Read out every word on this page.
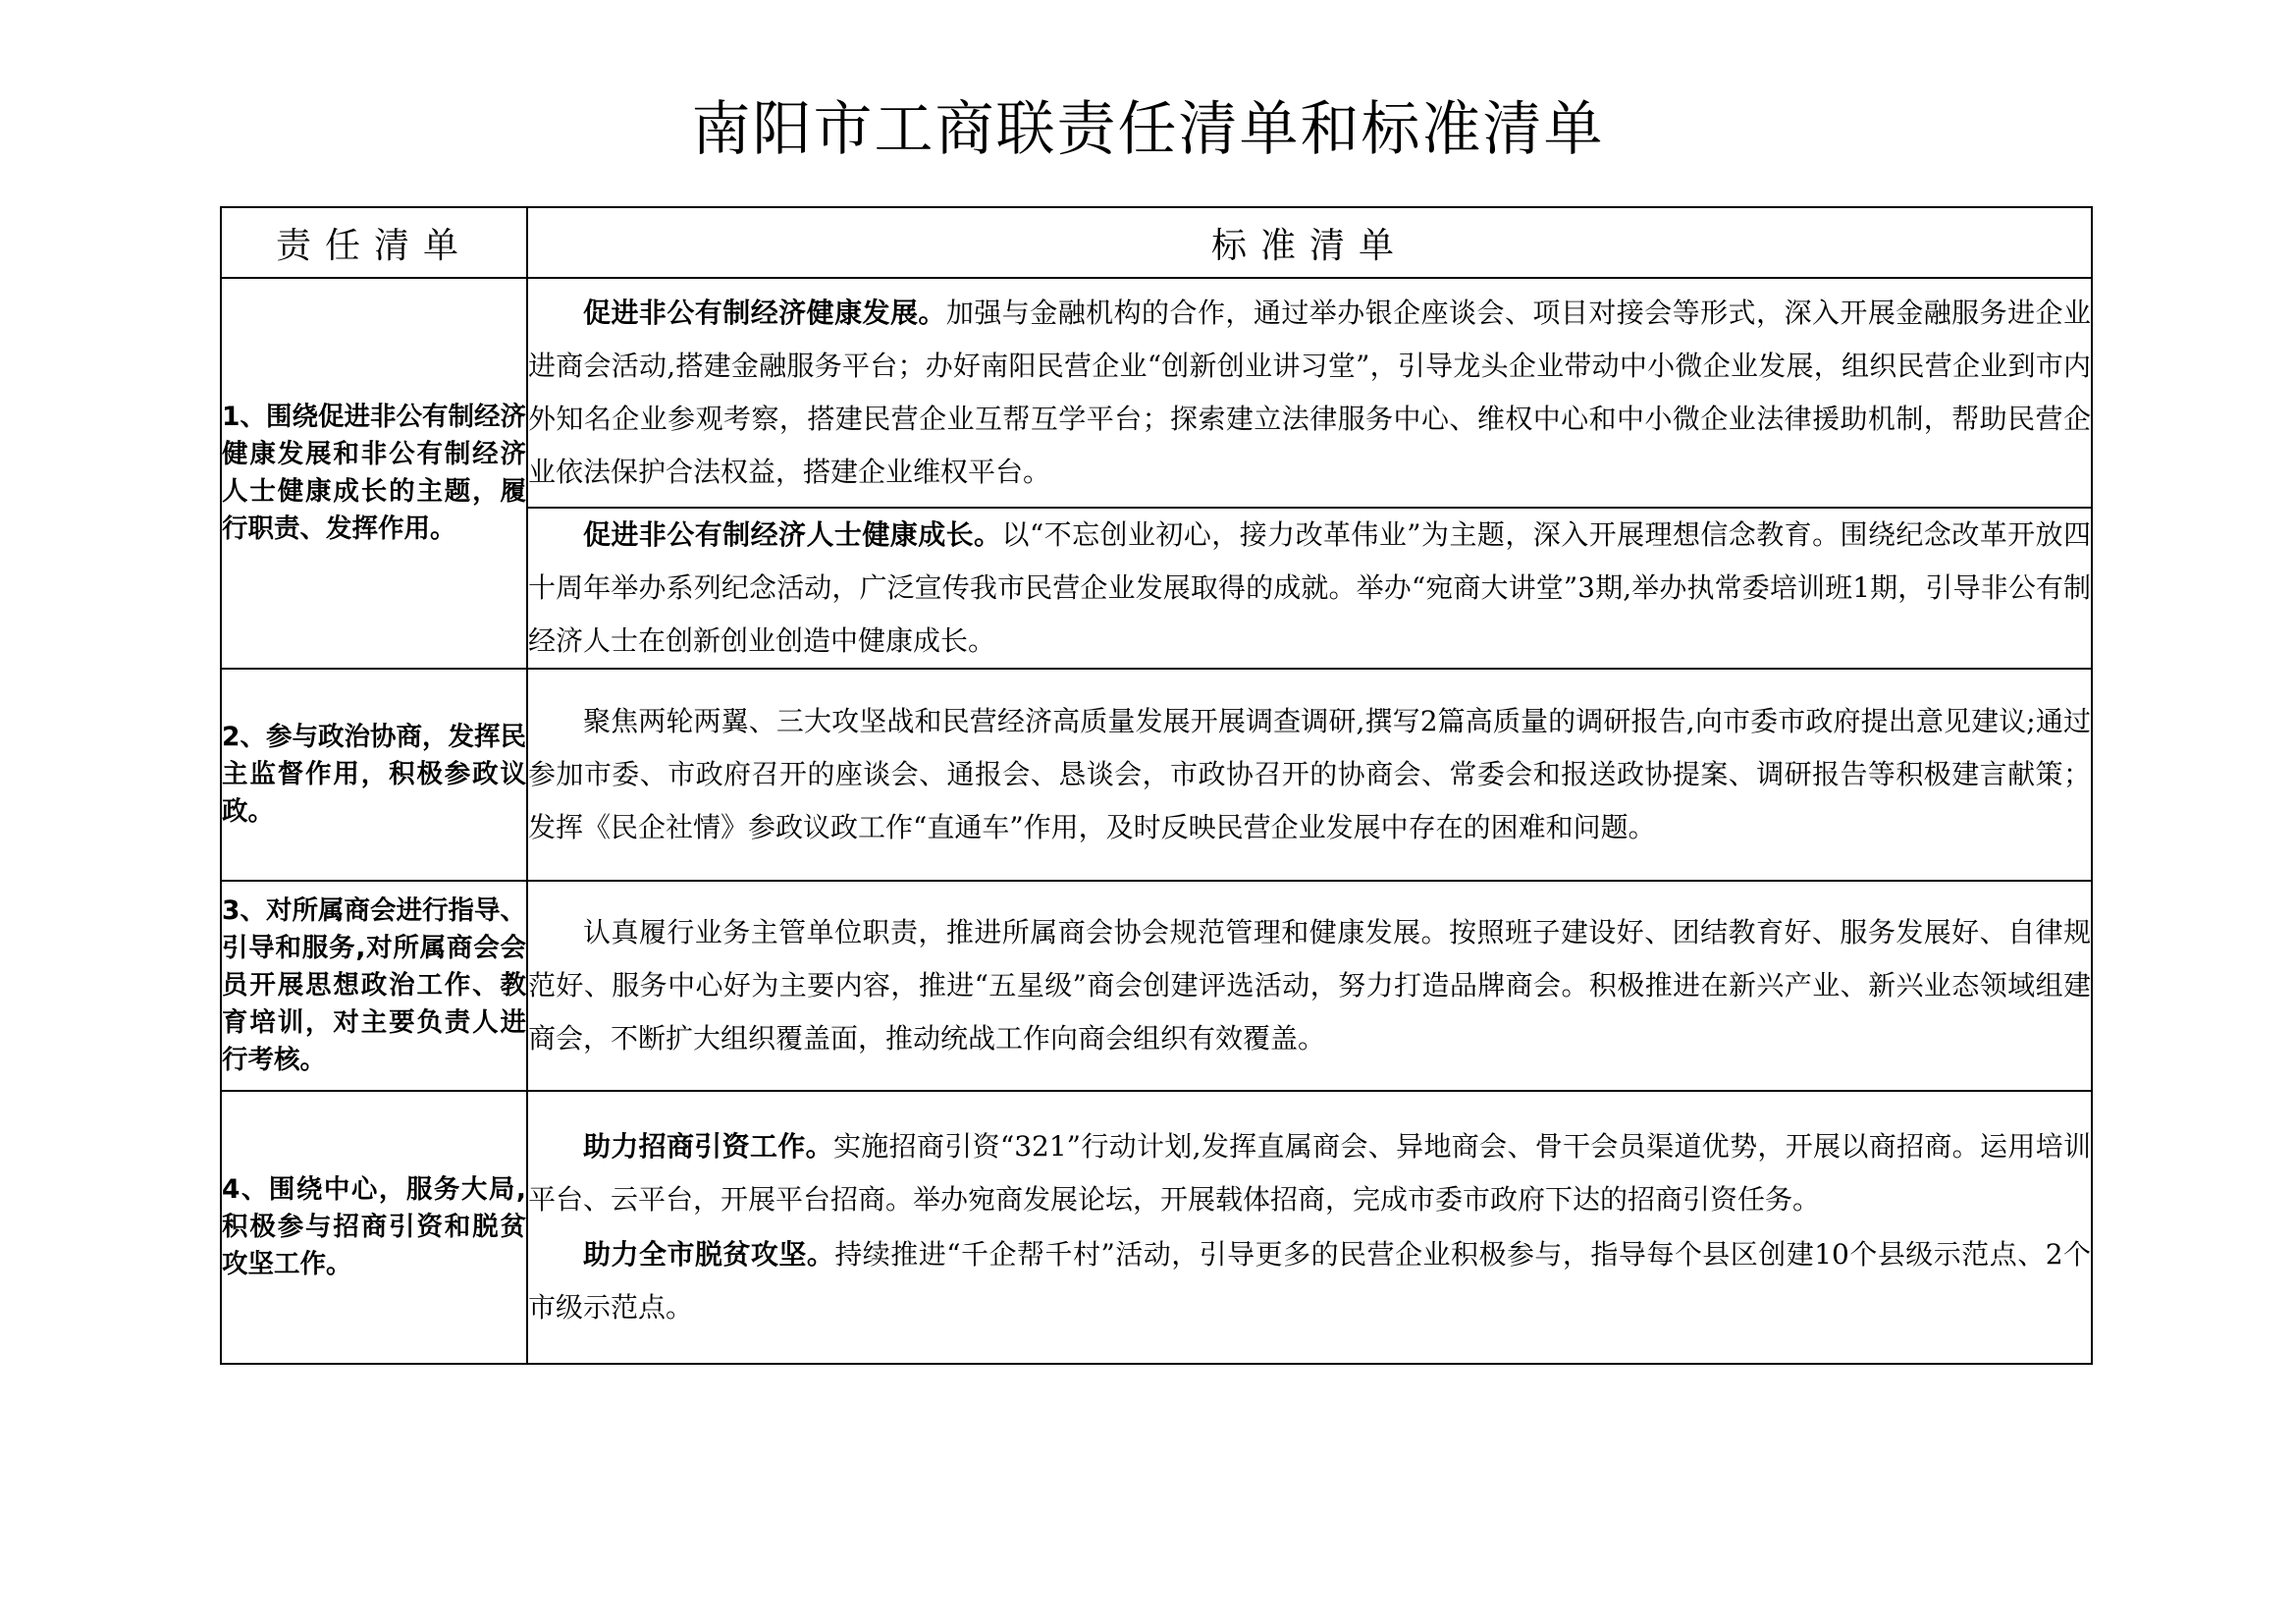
南阳市工商联责任清单和标准清单
责任清单	标准清单
1、围绕促进非公有制经济健康发展和非公有制经济人士健康成长的主题，履行职责、发挥作用。	促进非公有制经济健康发展。加强与金融机构的合作，通过举办银企座谈会、项目对接会等形式，深入开展金融服务进企业进商会活动,搭建金融服务平台；办好南阳民营企业“创新创业讲习堂”，引导龙头企业带动中小微企业发展，组织民营企业到市内外知名企业参观考察，搭建民营企业互帮互学平台；探索建立法律服务中心、维权中心和中小微企业法律援助机制，帮助民营企业依法保护合法权益，搭建企业维权平台。

	促进非公有制经济人士健康成长。以“不忘创业初心，接力改革伟业”为主题，深入开展理想信念教育。围绕纪念改革开放四十周年举办系列纪念活动，广泛宣传我市民营企业发展取得的成就。举办“宛商大讲堂”3期,举办执常委培训班1期，引导非公有制经济人士在创新创业创造中健康成长。

2、参与政治协商，发挥民主监督作用，积极参政议政。	聚焦两轮两翼、三大攻坚战和民营经济高质量发展开展调查调研,撰写2篇高质量的调研报告,向市委市政府提出意见建议;通过参加市委、市政府召开的座谈会、通报会、恳谈会，市政协召开的协商会、常委会和报送政协提案、调研报告等积极建言献策；发挥《民企社情》参政议政工作“直通车”作用，及时反映民营企业发展中存在的困难和问题。

3、对所属商会进行指导、引导和服务,对所属商会会员开展思想政治工作、教育培训，对主要负责人进行考核。	认真履行业务主管单位职责，推进所属商会协会规范管理和健康发展。按照班子建设好、团结教育好、服务发展好、自律规范好、服务中心好为主要内容，推进“五星级”商会创建评选活动，努力打造品牌商会。积极推进在新兴产业、新兴业态领域组建商会，不断扩大组织覆盖面，推动统战工作向商会组织有效覆盖。

4、围绕中心，服务大局,积极参与招商引资和脱贫攻坚工作。	助力招商引资工作。实施招商引资“321”行动计划,发挥直属商会、异地商会、骨干会员渠道优势，开展以商招商。运用培训平台、云平台，开展平台招商。举办宛商发展论坛，开展载体招商，完成市委市政府下达的招商引资任务。

助力全市脱贫攻坚。持续推进“千企帮千村”活动，引导更多的民营企业积极参与，指导每个县区创建10个县级示范点、2个市级示范点。
